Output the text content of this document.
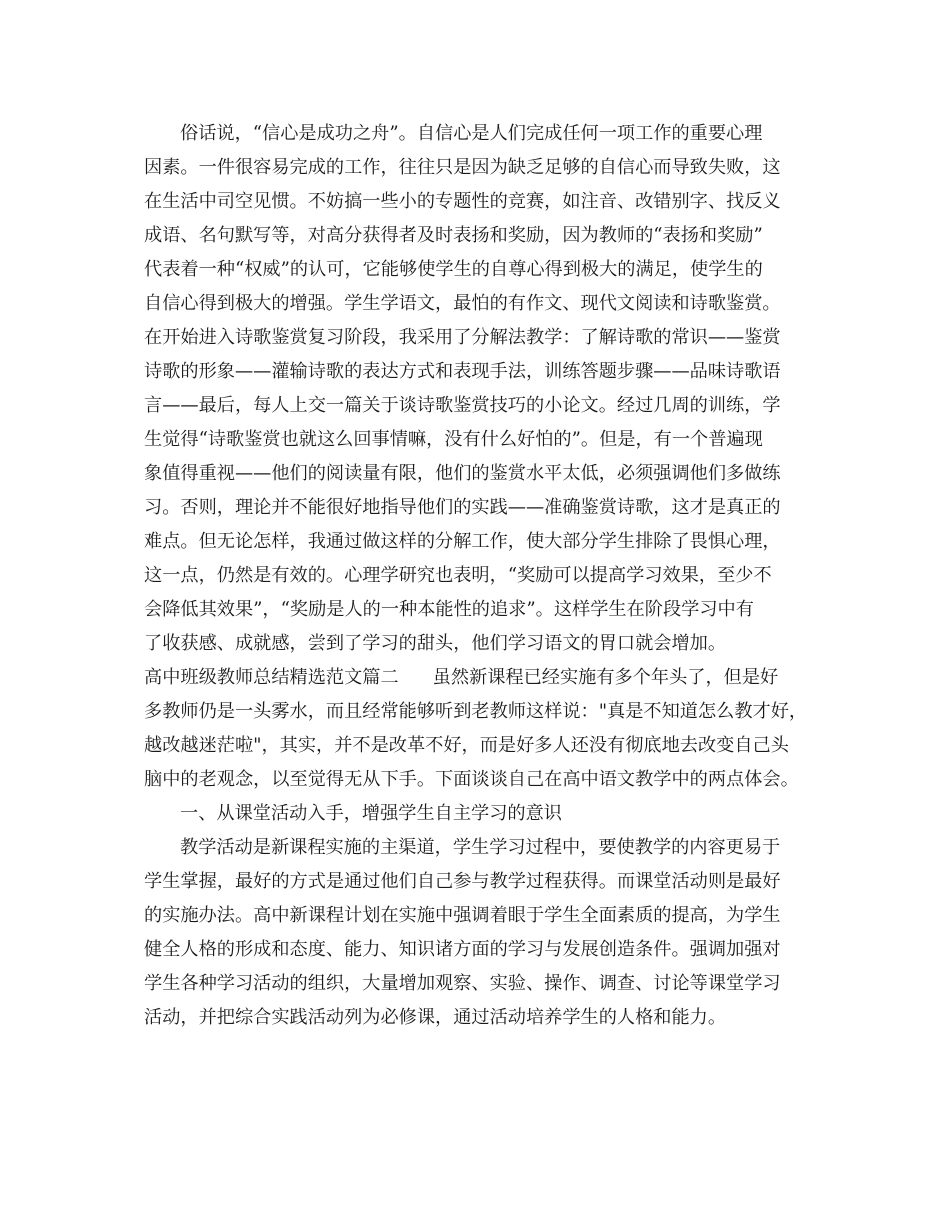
俗话说，“信心是成功之舟”。自信心是人们完成任何一项工作的重要心理
因素。一件很容易完成的工作，往往只是因为缺乏足够的自信心而导致失败，这
在生活中司空见惯。不妨搞一些小的专题性的竞赛，如注音、改错别字、找反义
成语、名句默写等，对高分获得者及时表扬和奖励，因为教师的“表扬和奖励”
代表着一种“权威”的认可，它能够使学生的自尊心得到极大的满足，使学生的
自信心得到极大的增强。学生学语文，最怕的有作文、现代文阅读和诗歌鉴赏。
在开始进入诗歌鉴赏复习阶段，我采用了分解法教学：了解诗歌的常识——鉴赏
诗歌的形象——灌输诗歌的表达方式和表现手法，训练答题步骤——品味诗歌语
言——最后，每人上交一篇关于谈诗歌鉴赏技巧的小论文。经过几周的训练，学
生觉得“诗歌鉴赏也就这么回事情嘛，没有什么好怕的”。但是，有一个普遍现
象值得重视——他们的阅读量有限，他们的鉴赏水平太低，必须强调他们多做练
习。否则，理论并不能很好地指导他们的实践——准确鉴赏诗歌，这才是真正的
难点。但无论怎样，我通过做这样的分解工作，使大部分学生排除了畏惧心理，
这一点，仍然是有效的。心理学研究也表明，“奖励可以提高学习效果，至少不
会降低其效果”，“奖励是人的一种本能性的追求”。这样学生在阶段学习中有
了收获感、成就感，尝到了学习的甜头，他们学习语文的胃口就会增加。
高中班级教师总结精选范文篇二 虽然新课程已经实施有多个年头了，但是好
多教师仍是一头雾水，而且经常能够听到老教师这样说："真是不知道怎么教才好，
越改越迷茫啦"，其实，并不是改革不好，而是好多人还没有彻底地去改变自己头
脑中的老观念，以至觉得无从下手。下面谈谈自己在高中语文教学中的两点体会。
一、从课堂活动入手，增强学生自主学习的意识
教学活动是新课程实施的主渠道，学生学习过程中，要使教学的内容更易于
学生掌握，最好的方式是通过他们自己参与教学过程获得。而课堂活动则是最好
的实施办法。高中新课程计划在实施中强调着眼于学生全面素质的提高，为学生
健全人格的形成和态度、能力、知识诸方面的学习与发展创造条件。强调加强对
学生各种学习活动的组织，大量增加观察、实验、操作、调查、讨论等课堂学习
活动，并把综合实践活动列为必修课，通过活动培养学生的人格和能力。
